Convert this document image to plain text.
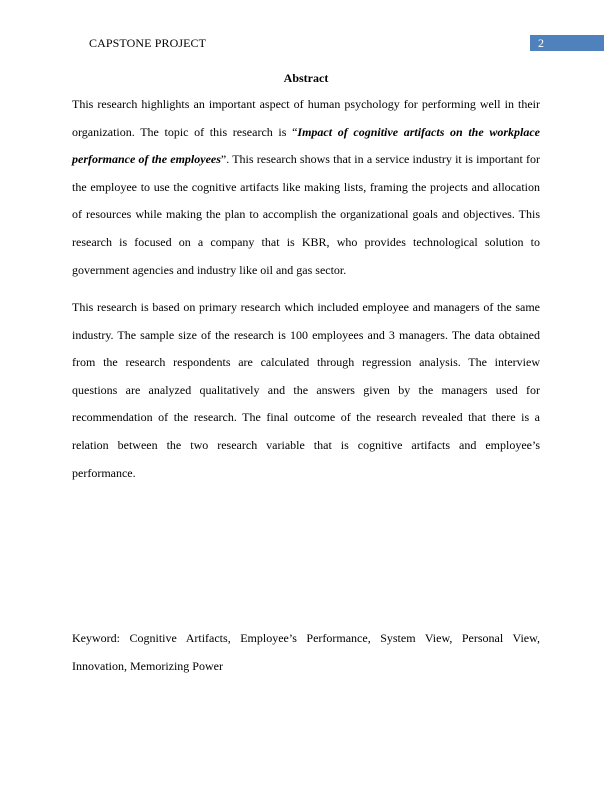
CAPSTONE PROJECT	2
Abstract

This research highlights an important aspect of human psychology for performing well in their organization. The topic of this research is “Impact of cognitive artifacts on the workplace performance of the employees”. This research shows that in a service industry it is important for the employee to use the cognitive artifacts like making lists, framing the projects and allocation of resources while making the plan to accomplish the organizational goals and objectives. This research is focused on a company that is KBR, who provides technological solution to government agencies and industry like oil and gas sector.

This research is based on primary research which included employee and managers of the same industry. The sample size of the research is 100 employees and 3 managers. The data obtained from the research respondents are calculated through regression analysis. The interview questions are analyzed qualitatively and the answers given by the managers used for recommendation of the research. The final outcome of the research revealed that there is a relation between the two research variable that is cognitive artifacts and employee’s performance.

Keyword: Cognitive Artifacts, Employee’s Performance, System View, Personal View, Innovation, Memorizing Power
